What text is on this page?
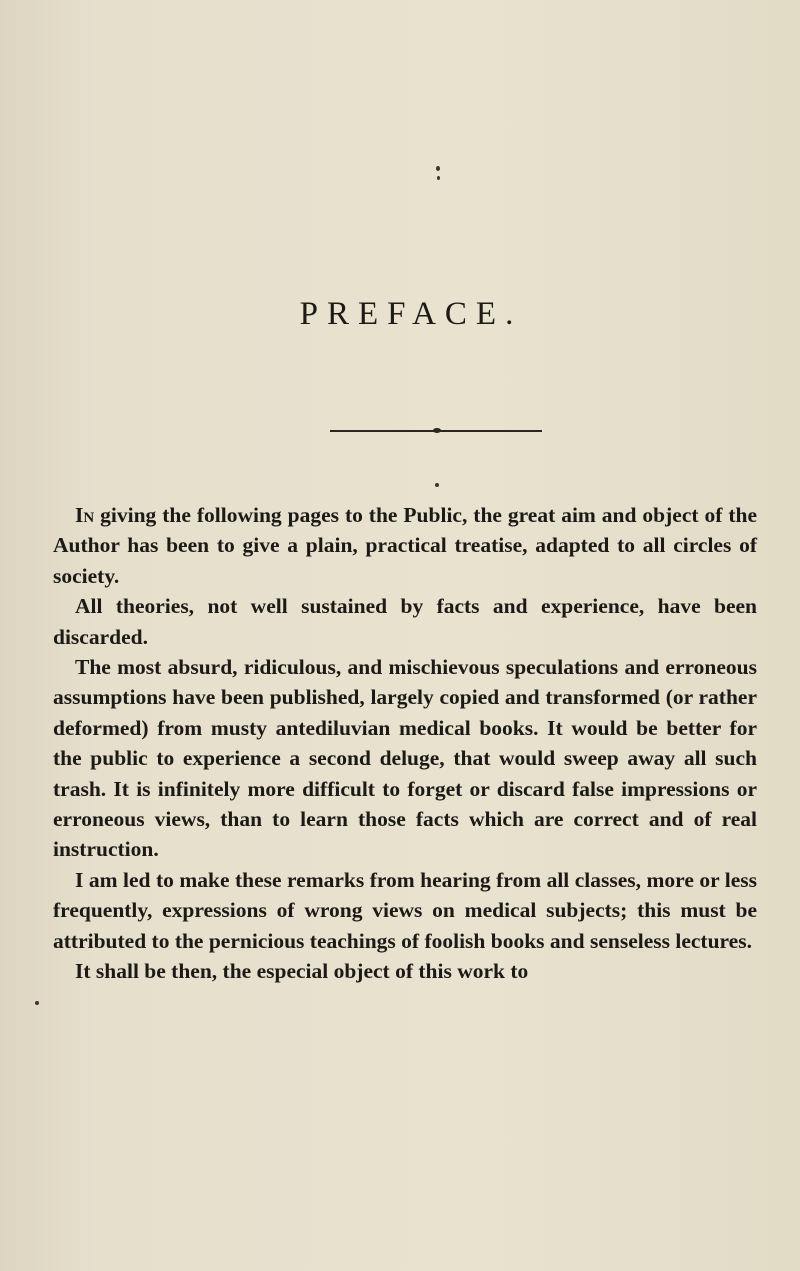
PREFACE.

In giving the following pages to the Public, the great aim and object of the Author has been to give a plain, practical treatise, adapted to all circles of society.

All theories, not well sustained by facts and experience, have been discarded.

The most absurd, ridiculous, and mischievous speculations and erroneous assumptions have been published, largely copied and transformed (or rather deformed) from musty antediluvian medical books. It would be better for the public to experience a second deluge, that would sweep away all such trash. It is infinitely more difficult to forget or discard false impressions or erroneous views, than to learn those facts which are correct and of real instruction.

I am led to make these remarks from hearing from all classes, more or less frequently, expressions of wrong views on medical subjects; this must be attributed to the pernicious teachings of foolish books and senseless lectures.

It shall be then, the especial object of this work to
